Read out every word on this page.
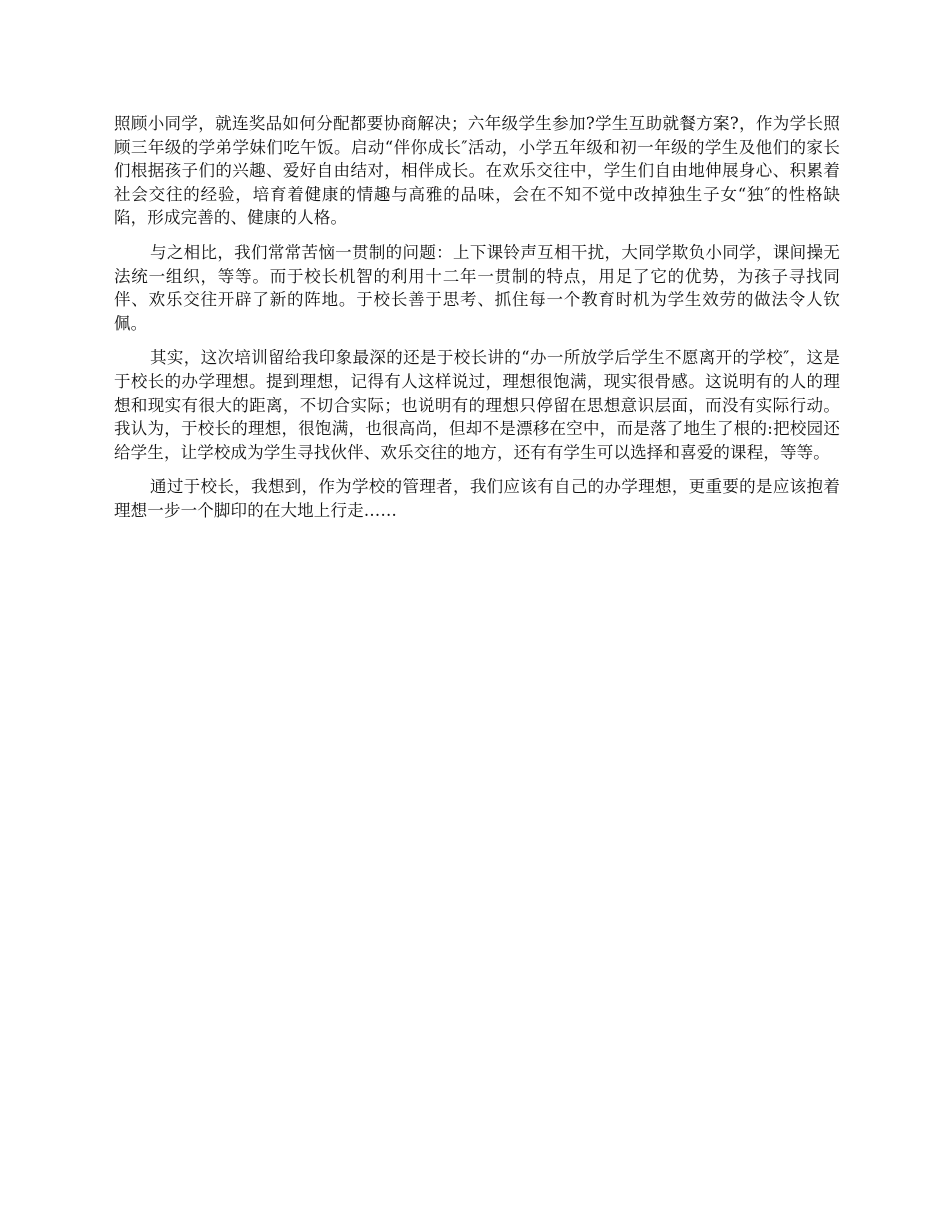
照顾小同学，就连奖品如何分配都要协商解决；六年级学生参加?学生互助就餐方案?，作为学长照顾三年级的学弟学妹们吃午饭。启动“伴你成长″活动，小学五年级和初一年级的学生及他们的家长们根据孩子们的兴趣、爱好自由结对，相伴成长。在欢乐交往中，学生们自由地伸展身心、积累着社会交往的经验，培育着健康的情趣与高雅的品味，会在不知不觉中改掉独生子女“独″的性格缺陷，形成完善的、健康的人格。

与之相比，我们常常苦恼一贯制的问题：上下课铃声互相干扰，大同学欺负小同学，课间操无法统一组织，等等。而于校长机智的利用十二年一贯制的特点，用足了它的优势，为孩子寻找同伴、欢乐交往开辟了新的阵地。于校长善于思考、抓住每一个教育时机为学生效劳的做法令人钦佩。

其实，这次培训留给我印象最深的还是于校长讲的“办一所放学后学生不愿离开的学校″，这是于校长的办学理想。提到理想，记得有人这样说过，理想很饱满，现实很骨感。这说明有的人的理想和现实有很大的距离，不切合实际；也说明有的理想只停留在思想意识层面，而没有实际行动。我认为，于校长的理想，很饱满，也很高尚，但却不是漂移在空中，而是落了地生了根的:把校园还给学生，让学校成为学生寻找伙伴、欢乐交往的地方，还有有学生可以选择和喜爱的课程，等等。

通过于校长，我想到，作为学校的管理者，我们应该有自己的办学理想，更重要的是应该抱着理想一步一个脚印的在大地上行走……
